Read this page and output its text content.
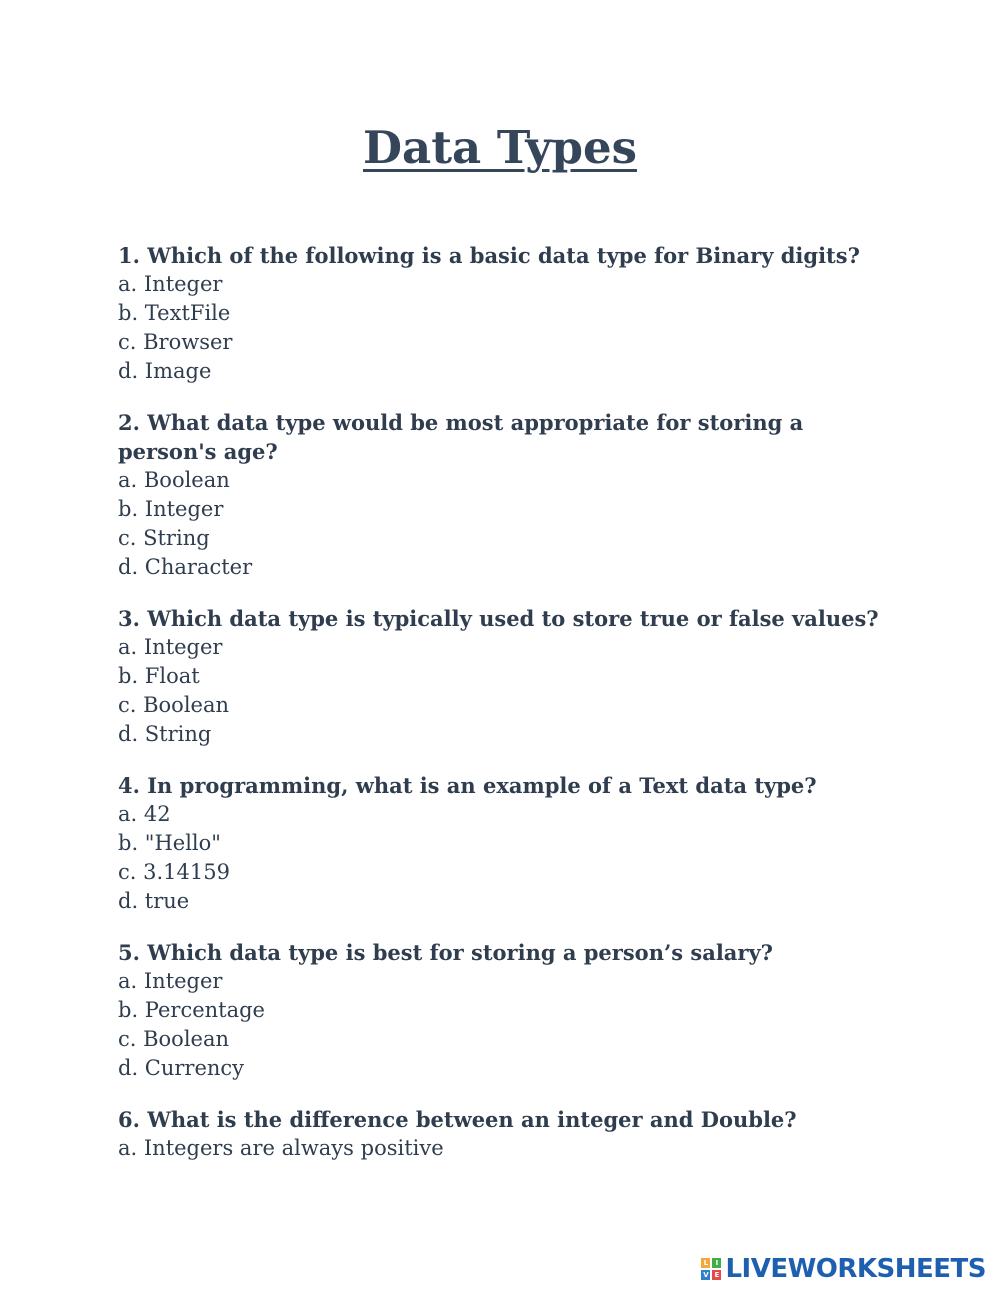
Data Types
1. Which of the following is a basic data type for Binary digits?
a. Integer
b. TextFile
c. Browser
d. Image
2. What data type would be most appropriate for storing a person's age?
a. Boolean
b. Integer
c. String
d. Character
3. Which data type is typically used to store true or false values?
a. Integer
b. Float
c. Boolean
d. String
4. In programming, what is an example of a Text data type?
a. 42
b. "Hello"
c. 3.14159
d. true
5. Which data type is best for storing a person’s salary?
a. Integer
b. Percentage
c. Boolean
d. Currency
6. What is the difference between an integer and Double?
a. Integers are always positive
L	I
V E LIVEWORKSHEETS
